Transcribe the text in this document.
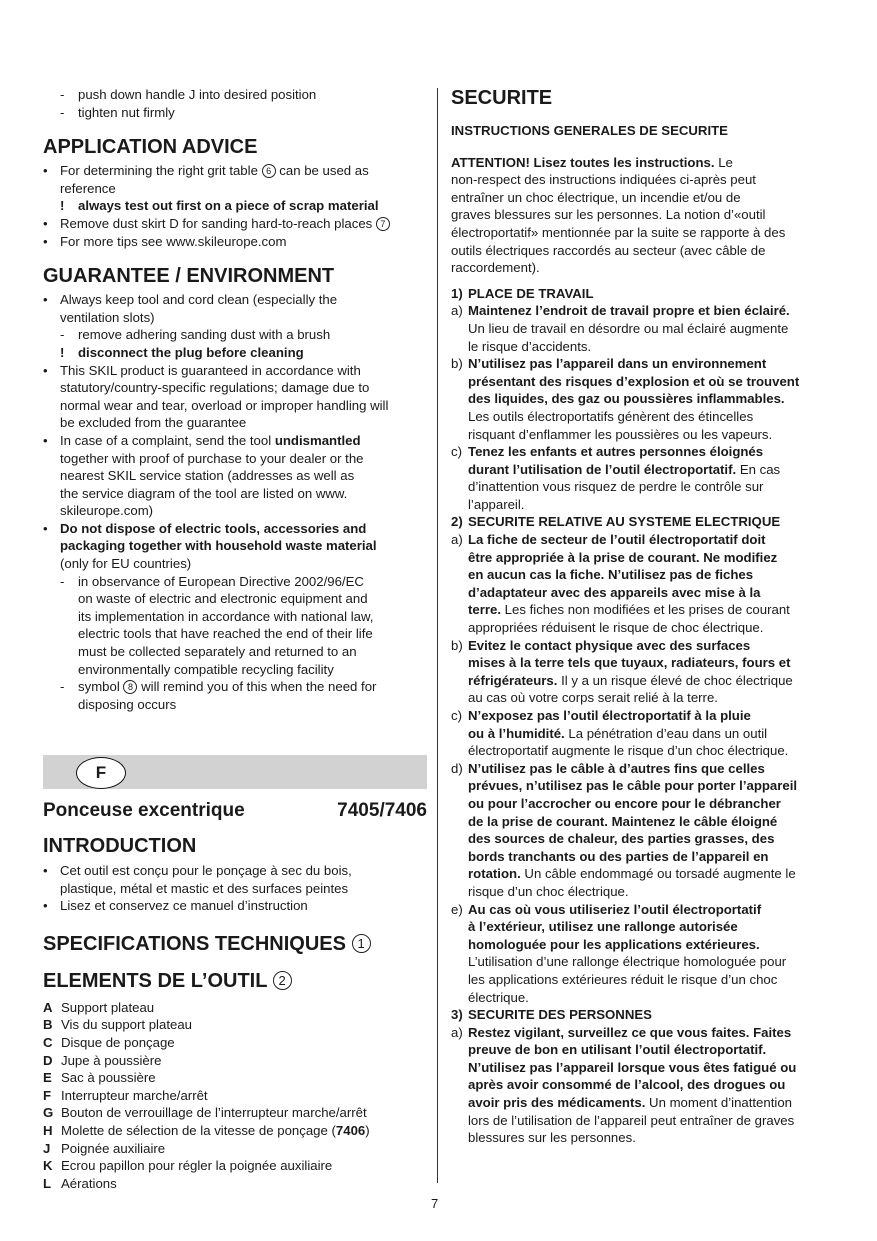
- push down handle J into desired position
- tighten nut firmly
APPLICATION ADVICE
• For determining the right grit table 6 can be used as
reference
! always test out first on a piece of scrap material
• Remove dust skirt D for sanding hard-to-reach places 7
• For more tips see www.skileurope.com
GUARANTEE / ENVIRONMENT
• Always keep tool and cord clean (especially the
ventilation slots)
- remove adhering sanding dust with a brush
! disconnect the plug before cleaning
• This SKIL product is guaranteed in accordance with
statutory/country-specific regulations; damage due to
normal wear and tear, overload or improper handling will
be excluded from the guarantee
• In case of a complaint, send the tool undismantled
together with proof of purchase to your dealer or the
nearest SKIL service station (addresses as well as
the service diagram of the tool are listed on www.
skileurope.com)
• Do not dispose of electric tools, accessories and
packaging together with household waste material
(only for EU countries)
- in observance of European Directive 2002/96/EC
on waste of electric and electronic equipment and
its implementation in accordance with national law,
electric tools that have reached the end of their life
must be collected separately and returned to an
environmentally compatible recycling facility
- symbol 8 will remind you of this when the need for
disposing occurs
F
Ponceuse excentrique	7405/7406
INTRODUCTION
• Cet outil est conçu pour le ponçage à sec du bois,
plastique, métal et mastic et des surfaces peintes
• Lisez et conservez ce manuel d’instruction
SPECIFICATIONS TECHNIQUES 1
ELEMENTS DE L’OUTIL 2
A Support plateau
B Vis du support plateau
C Disque de ponçage
D Jupe à poussière
E Sac à poussière
F Interrupteur marche/arrêt
G Bouton de verrouillage de l’interrupteur marche/arrêt
H Molette de sélection de la vitesse de ponçage (7406)
J Poignée auxiliaire
K Ecrou papillon pour régler la poignée auxiliaire
L Aérations
SECURITE
INSTRUCTIONS GENERALES DE SECURITE
ATTENTION! Lisez toutes les instructions. Le
non-respect des instructions indiquées ci-après peut
entraîner un choc électrique, un incendie et/ou de
graves blessures sur les personnes. La notion d’«outil
électroportatif» mentionnée par la suite se rapporte à des
outils électriques raccordés au secteur (avec câble de
raccordement).
1) PLACE DE TRAVAIL
a) Maintenez l’endroit de travail propre et bien éclairé.
Un lieu de travail en désordre ou mal éclairé augmente
le risque d’accidents.
b) N’utilisez pas l’appareil dans un environnement
présentant des risques d’explosion et où se trouvent
des liquides, des gaz ou poussières inflammables.
Les outils électroportatifs génèrent des étincelles
risquant d’enflammer les poussières ou les vapeurs.
c) Tenez les enfants et autres personnes éloignés
durant l’utilisation de l’outil électroportatif. En cas
d’inattention vous risquez de perdre le contrôle sur
l’appareil.
2) SECURITE RELATIVE AU SYSTEME ELECTRIQUE
a) La fiche de secteur de l’outil électroportatif doit
être appropriée à la prise de courant. Ne modifiez
en aucun cas la fiche. N’utilisez pas de fiches
d’adaptateur avec des appareils avec mise à la
terre. Les fiches non modifiées et les prises de courant
appropriées réduisent le risque de choc électrique.
b) Evitez le contact physique avec des surfaces
mises à la terre tels que tuyaux, radiateurs, fours et
réfrigérateurs. Il y a un risque élevé de choc électrique
au cas où votre corps serait relié à la terre.
c) N’exposez pas l’outil électroportatif à la pluie
ou à l’humidité. La pénétration d’eau dans un outil
électroportatif augmente le risque d’un choc électrique.
d) N’utilisez pas le câble à d’autres fins que celles
prévues, n’utilisez pas le câble pour porter l’appareil
ou pour l’accrocher ou encore pour le débrancher
de la prise de courant. Maintenez le câble éloigné
des sources de chaleur, des parties grasses, des
bords tranchants ou des parties de l’appareil en
rotation. Un câble endommagé ou torsadé augmente le
risque d’un choc électrique.
e) Au cas où vous utiliseriez l’outil électroportatif
à l’extérieur, utilisez une rallonge autorisée
homologuée pour les applications extérieures.
L’utilisation d’une rallonge électrique homologuée pour
les applications extérieures réduit le risque d’un choc
électrique.
3) SECURITE DES PERSONNES
a) Restez vigilant, surveillez ce que vous faites. Faites
preuve de bon en utilisant l’outil électroportatif.
N’utilisez pas l’appareil lorsque vous êtes fatigué ou
après avoir consommé de l’alcool, des drogues ou
avoir pris des médicaments. Un moment d’inattention
lors de l’utilisation de l’appareil peut entraîner de graves
blessures sur les personnes.
7
